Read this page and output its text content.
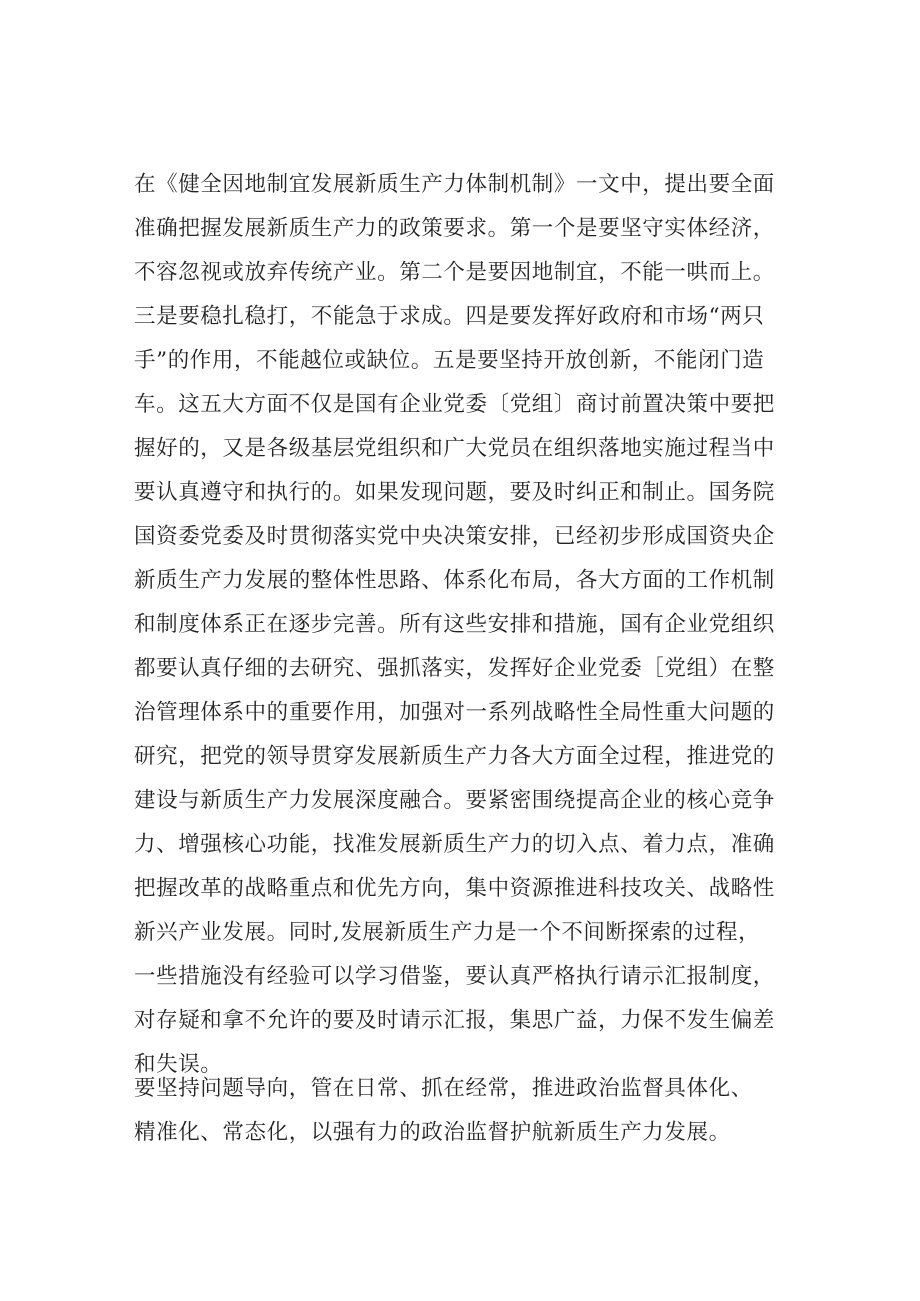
在《健全因地制宜发展新质生产力体制机制》一文中，提出要全面
准确把握发展新质生产力的政策要求。第一个是要坚守实体经济，
不容忽视或放弃传统产业。第二个是要因地制宜，不能一哄而上。
三是要稳扎稳打，不能急于求成。四是要发挥好政府和市场“两只
手”的作用，不能越位或缺位。五是要坚持开放创新，不能闭门造
车。这五大方面不仅是国有企业党委〔党组〕商讨前置决策中要把
握好的，又是各级基层党组织和广大党员在组织落地实施过程当中
要认真遵守和执行的。如果发现问题，要及时纠正和制止。国务院
国资委党委及时贯彻落实党中央决策安排，已经初步形成国资央企
新质生产力发展的整体性思路、体系化布局，各大方面的工作机制
和制度体系正在逐步完善。所有这些安排和措施，国有企业党组织
都要认真仔细的去研究、强抓落实，发挥好企业党委［党组）在整
治管理体系中的重要作用，加强对一系列战略性全局性重大问题的
研究，把党的领导贯穿发展新质生产力各大方面全过程，推进党的
建设与新质生产力发展深度融合。要紧密围绕提高企业的核心竞争
力、增强核心功能，找准发展新质生产力的切入点、着力点，准确
把握改革的战略重点和优先方向，集中资源推进科技攻关、战略性
新兴产业发展。同时,发展新质生产力是一个不间断探索的过程，
一些措施没有经验可以学习借鉴，要认真严格执行请示汇报制度，
对存疑和拿不允许的要及时请示汇报，集思广益，力保不发生偏差
和失误。
要坚持问题导向，管在日常、抓在经常，推进政治监督具体化、
精准化、常态化，以强有力的政治监督护航新质生产力发展。
